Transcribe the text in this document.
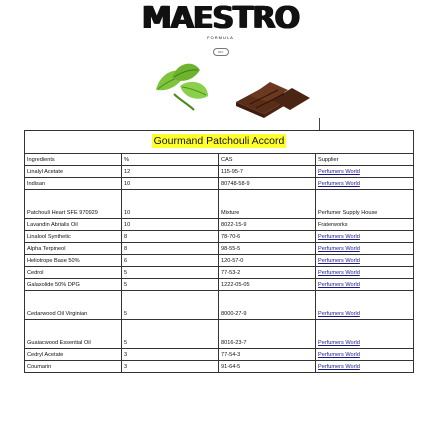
MAESTRO
FORMULA
001
Gourmand Patchouli Accord			
Ingredients	%	CAS	Supplier
Linalyl Acetate	12	115-95-7	Perfumers World
Indisan	10	80748-58-9	Perfumers World
Patchouli Heart SFE 970929	10	Mixture	Perfumer Supply House
Lavandin Abrialis Oil	10	8022-15-9	Fraterworks
Linalool Synthetic	8	78-70-6	Perfumers World
Alpha Terpineol	8	98-55-5	Perfumers World
Heliotrope Base 50%	6	120-57-0	Perfumers World
Cedrol	5	77-53-2	Perfumers World
Galaxolide 50% DPG	5	1222-05-05	Perfumers World
Cedarwood Oil Virginian	5	8000-27-9	Perfumers World
Guaiacwood Essential Oil	5	8016-23-7	Perfumers World
Cedryl Acetate	3	77-54-3	Perfumers World
Coumarin	3	91-64-5	Perfumers World
